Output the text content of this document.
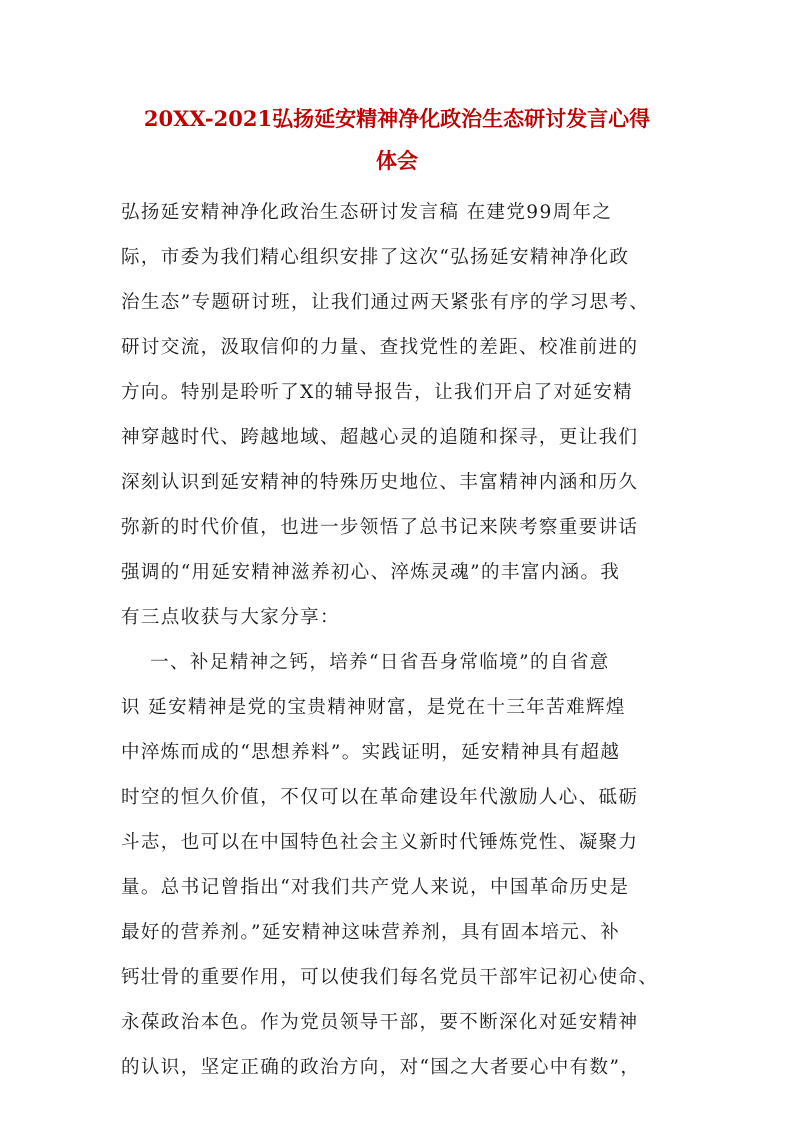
20XX-2021弘扬延安精神净化政治生态研讨发言心得
体会
弘扬延安精神净化政治生态研讨发言稿 在建党99周年之
际，市委为我们精心组织安排了这次“弘扬延安精神净化政
治生态”专题研讨班，让我们通过两天紧张有序的学习思考、
研讨交流，汲取信仰的力量、查找党性的差距、校准前进的
方向。特别是聆听了X的辅导报告，让我们开启了对延安精
神穿越时代、跨越地域、超越心灵的追随和探寻，更让我们
深刻认识到延安精神的特殊历史地位、丰富精神内涵和历久
弥新的时代价值，也进一步领悟了总书记来陕考察重要讲话
强调的“用延安精神滋养初心、淬炼灵魂”的丰富内涵。我
有三点收获与大家分享：
一、补足精神之钙，培养“日省吾身常临境”的自省意
识 延安精神是党的宝贵精神财富，是党在十三年苦难辉煌
中淬炼而成的“思想养料”。实践证明，延安精神具有超越
时空的恒久价值，不仅可以在革命建设年代激励人心、砥砺
斗志，也可以在中国特色社会主义新时代锤炼党性、凝聚力
量。总书记曾指出“对我们共产党人来说，中国革命历史是
最好的营养剂。”延安精神这味营养剂，具有固本培元、补
钙壮骨的重要作用，可以使我们每名党员干部牢记初心使命、
永葆政治本色。作为党员领导干部，要不断深化对延安精神
的认识，坚定正确的政治方向，对“国之大者要心中有数”，
